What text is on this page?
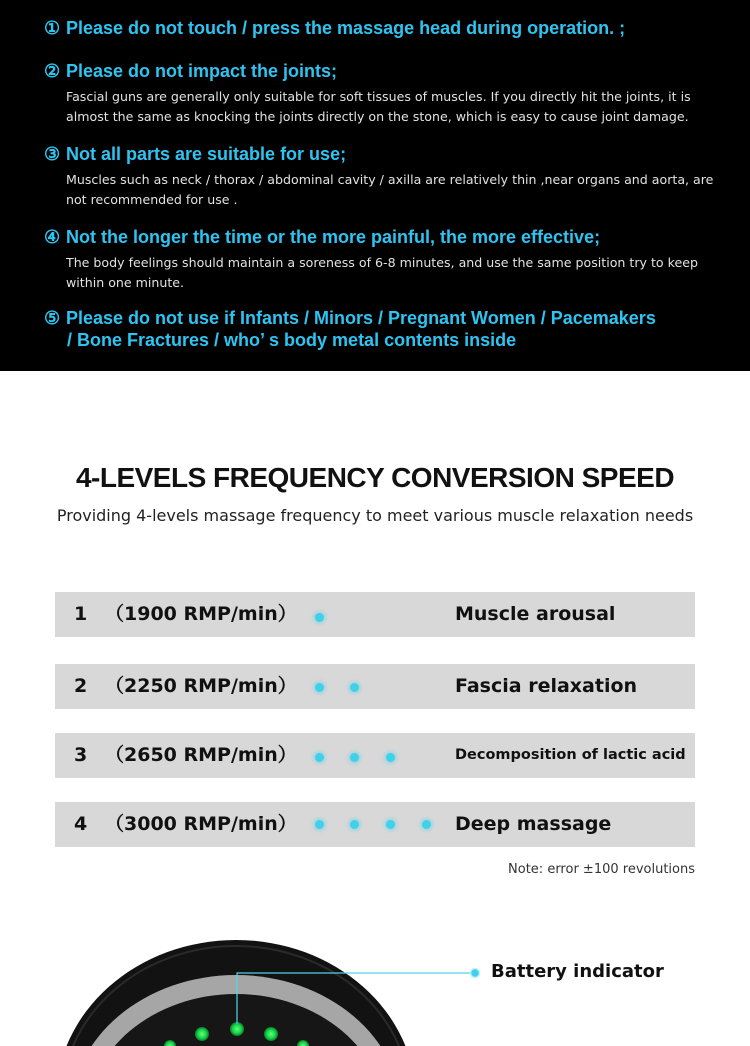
① Please do not touch / press the massage head during operation. ;
② Please do not impact the joints;
Fascial guns are generally only suitable for soft tissues of muscles. If you directly hit the joints, it is almost the same as knocking the joints directly on the stone, which is easy to cause joint damage.
③ Not all parts are suitable for use;
Muscles such as neck / thorax / abdominal cavity / axilla are relatively thin ,near organs and aorta, are not recommended for use .
④ Not the longer the time or the more painful, the more effective;
The body feelings should maintain a soreness of 6-8 minutes, and use the same position try to keep within one minute.
⑤ Please do not use if Infants / Minors / Pregnant Women / Pacemakers
/ Bone Fractures / who’ s body metal contents inside
4-LEVELS FREQUENCY CONVERSION SPEED
Providing 4-levels massage frequency to meet various muscle relaxation needs
1 （1900 RMP/min）	Muscle arousal
2 （2250 RMP/min）	Fascia relaxation
3 （2650 RMP/min）	Decomposition of lactic acid
4 （3000 RMP/min）	Deep massage
Note: error ±100 revolutions
Battery indicator
